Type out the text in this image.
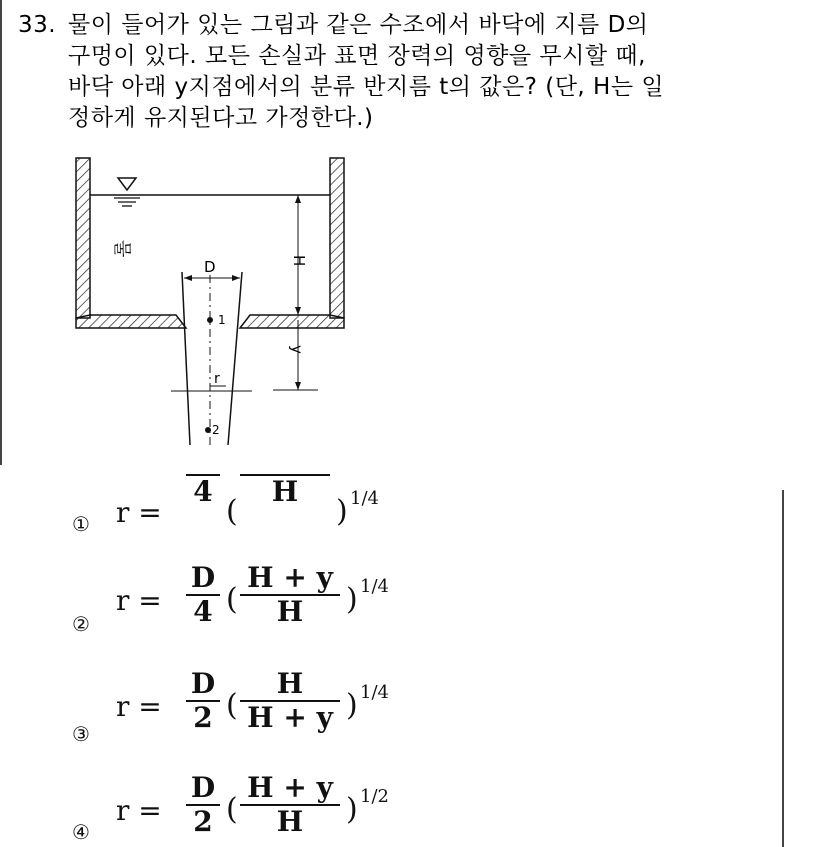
33. 물이 들어가 있는 그림과 같은 수조에서 바닥에 지름 D의
구멍이 있다. 모든 손실과 표면 장력의 영향을 무시할 때,
바닥 아래 y지점에서의 분류 반지름 t의 값은? (단, H는 일
정하게 유지된다고 가정한다.)
물
D
1
2
r
H
y
① r =
4
(
H
) 1/4
②
r =
D
4 (
H + y
H ) 1/4
③
r =
D
2 (
H
H + y ) 1/4
④
r =
D
2 (
H + y
H ) 1/2
